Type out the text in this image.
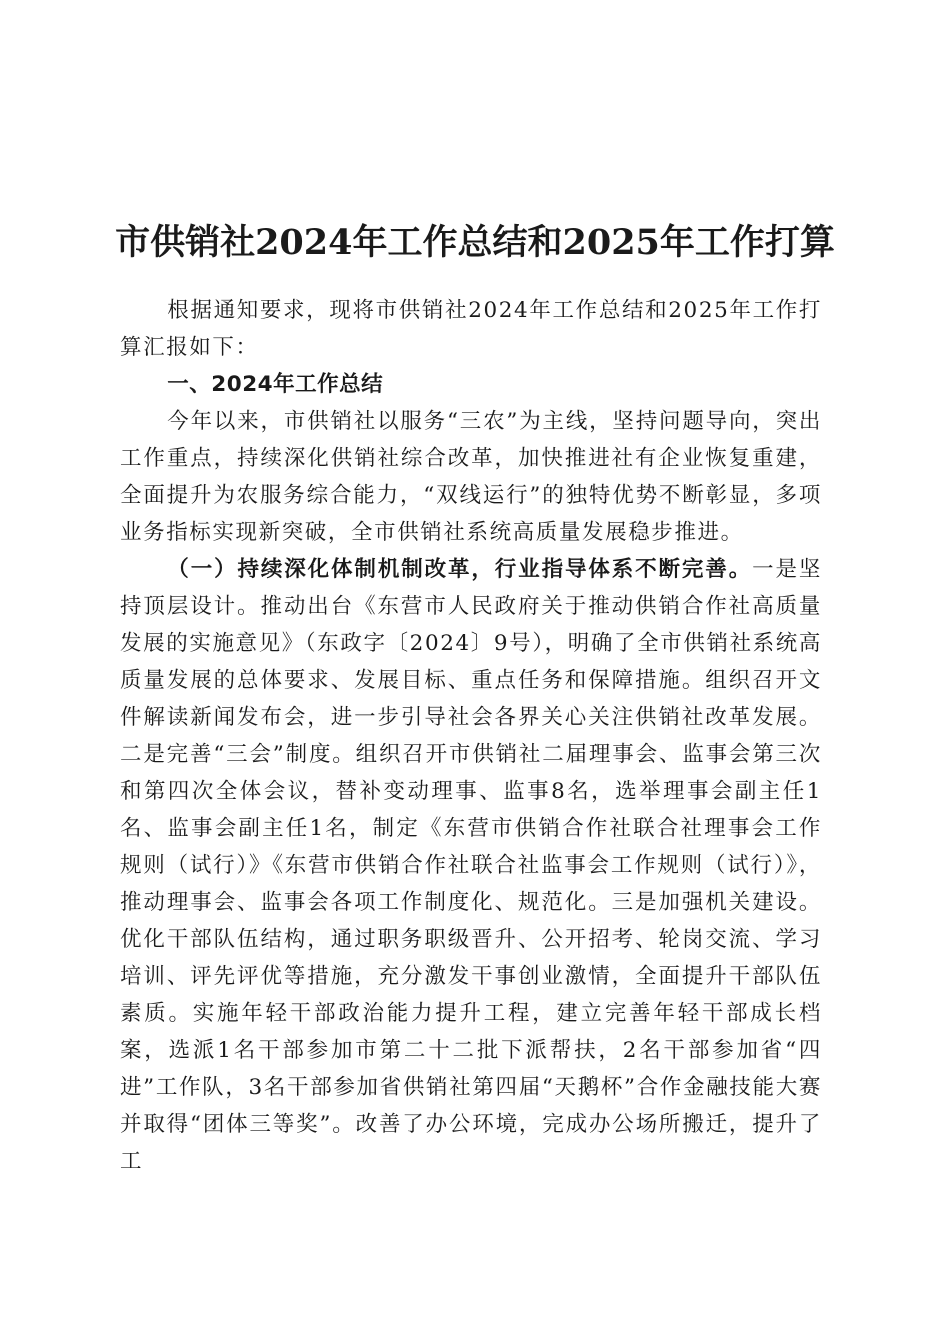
市供销社2024年工作总结和2025年工作打算

根据通知要求，现将市供销社2024年工作总结和2025年工作打算汇报如下：

一、2024年工作总结

今年以来，市供销社以服务“三农”为主线，坚持问题导向，突出工作重点，持续深化供销社综合改革，加快推进社有企业恢复重建，全面提升为农服务综合能力，“双线运行”的独特优势不断彰显，多项业务指标实现新突破，全市供销社系统高质量发展稳步推进。

（一）持续深化体制机制改革，行业指导体系不断完善。一是坚持顶层设计。推动出台《东营市人民政府关于推动供销合作社高质量发展的实施意见》（东政字〔2024〕9号），明确了全市供销社系统高质量发展的总体要求、发展目标、重点任务和保障措施。组织召开文件解读新闻发布会，进一步引导社会各界关心关注供销社改革发展。二是完善“三会”制度。组织召开市供销社二届理事会、监事会第三次和第四次全体会议，替补变动理事、监事8名，选举理事会副主任1名、监事会副主任1名，制定《东营市供销合作社联合社理事会工作规则（试行）》《东营市供销合作社联合社监事会工作规则（试行）》，推动理事会、监事会各项工作制度化、规范化。三是加强机关建设。优化干部队伍结构，通过职务职级晋升、公开招考、轮岗交流、学习培训、评先评优等措施，充分激发干事创业激情，全面提升干部队伍素质。实施年轻干部政治能力提升工程，建立完善年轻干部成长档案，选派1名干部参加市第二十二批下派帮扶，2名干部参加省“四进”工作队，3名干部参加省供销社第四届“天鹅杯”合作金融技能大赛并取得“团体三等奖”。改善了办公环境，完成办公场所搬迁，提升了工
